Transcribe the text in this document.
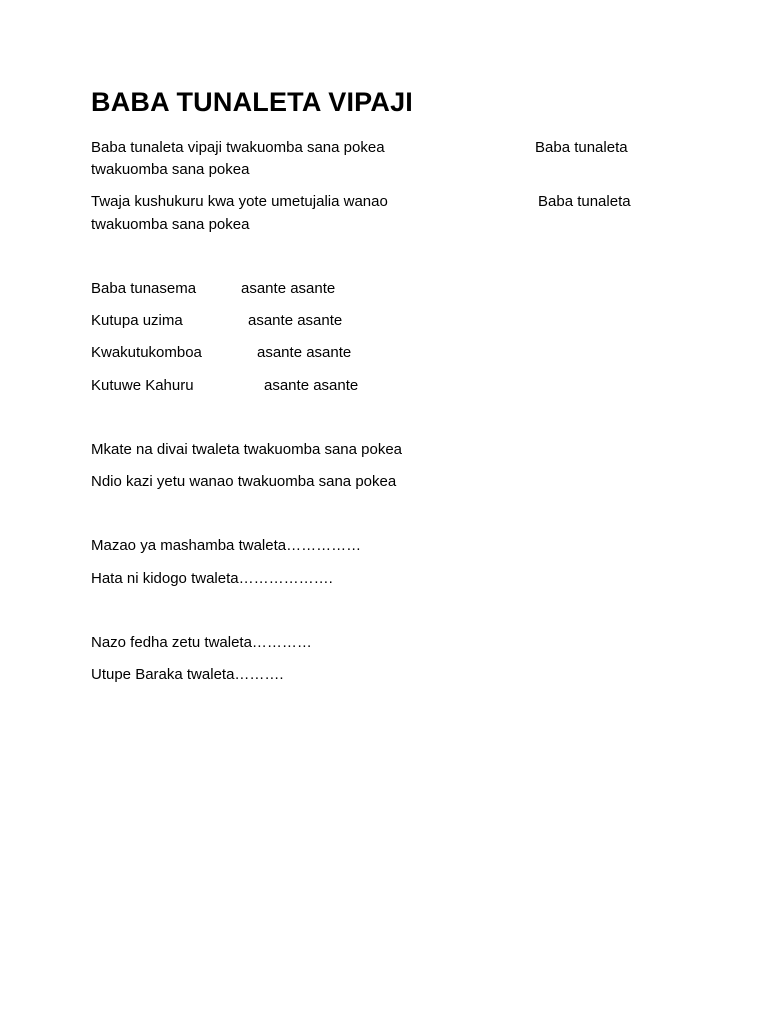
BABA TUNALETA VIPAJI
Baba tunaleta vipaji twakuomba sana pokea	Baba tunaleta
twakuomba sana pokea
Twaja kushukuru kwa yote umetujalia wanao	Baba tunaleta
twakuomba sana pokea
Baba tunasema	asante asante
Kutupa uzima	asante asante
Kwakutukomboa	asante asante
Kutuwe Kahuru	asante asante
Mkate na divai twaleta twakuomba sana pokea
Ndio kazi yetu wanao twakuomba sana pokea
Mazao ya mashamba twaleta……………
Hata ni kidogo twaleta……………….
Nazo fedha zetu twaleta…………
Utupe Baraka twaleta……….
